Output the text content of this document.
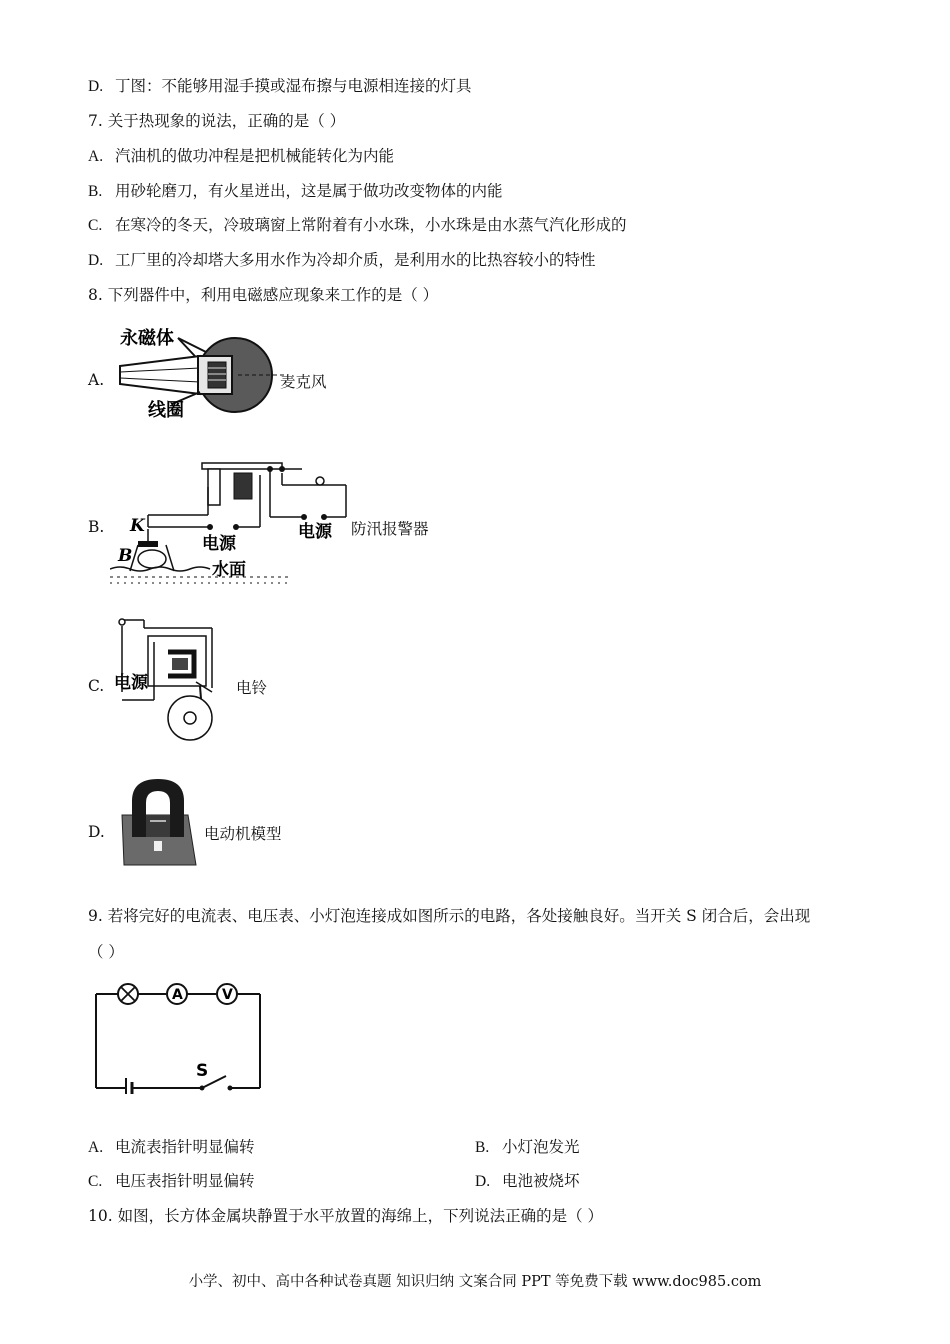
D. 丁图：不能够用湿手摸或湿布擦与电源相连接的灯具
7. 关于热现象的说法，正确的是（ ）
A. 汽油机的做功冲程是把机械能转化为内能
B. 用砂轮磨刀，有火星迸出，这是属于做功改变物体的内能
C. 在寒冷的冬天，冷玻璃窗上常附着有小水珠，小水珠是由水蒸气汽化形成的
D. 工厂里的冷却塔大多用水作为冷却介质，是利用水的比热容较小的特性
8. 下列器件中，利用电磁感应现象来工作的是（ ）
A.
永磁体
线圈
麦克风
B.	电源
电源
K
B
水面
防汛报警器
C. 电源	电铃
D.	电动机模型
9. 若将完好的电流表、电压表、小灯泡连接成如图所示的电路，各处接触良好。当开关 S 闭合后，会出现
（ ）
A	V
S
A. 电流表指针明显偏转	B. 小灯泡发光
C. 电压表指针明显偏转	D. 电池被烧坏
10. 如图，长方体金属块静置于水平放置的海绵上，下列说法正确的是（ ）
小学、初中、高中各种试卷真题 知识归纳 文案合同 PPT 等免费下载 www.doc985.com
